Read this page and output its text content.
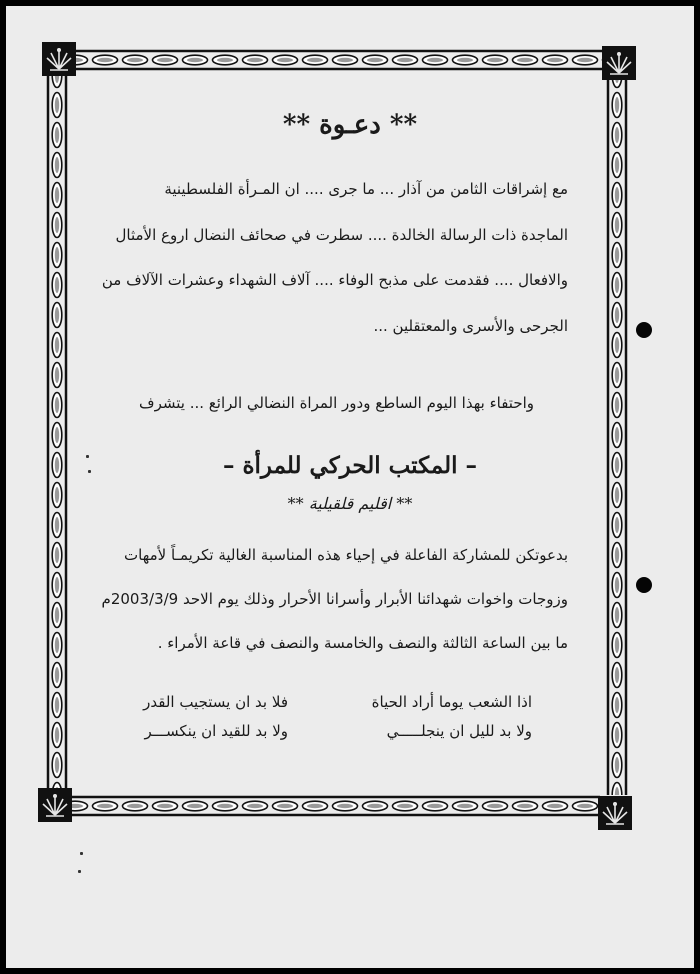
** دعـوة **
مع إشراقات الثامن من آذار ... ما جرى .... ان المـرأة الفلسطينية
الماجدة ذات الرسالة الخالدة .... سطرت في صحائف النضال اروع الأمثال
والافعال .... فقدمت على مذبح الوفاء .... آلاف الشهداء وعشرات الآلاف من
الجرحى والأسرى والمعتقلين ...
واحتفاء بهذا اليوم الساطع ودور المراة النضالي الرائع ... يتشرف
– المكتب الحركي للمرأة –
** اقليم قلقيلية **
بدعوتكن للمشاركة الفاعلة في إحياء هذه المناسبة الغالية تكريمـاً لأمهات
وزوجات واخوات شهدائنا الأبرار وأسرانا الأحرار وذلك يوم الاحد 2003/3/9م
ما بين الساعة الثالثة والنصف والخامسة والنصف في قاعة الأمراء .
اذا الشعب يوما أراد الحياة
فلا بد ان يستجيب القدر
ولا بد لليل ان ينجلـــــي
ولا بد للقيد ان ينكســـر
